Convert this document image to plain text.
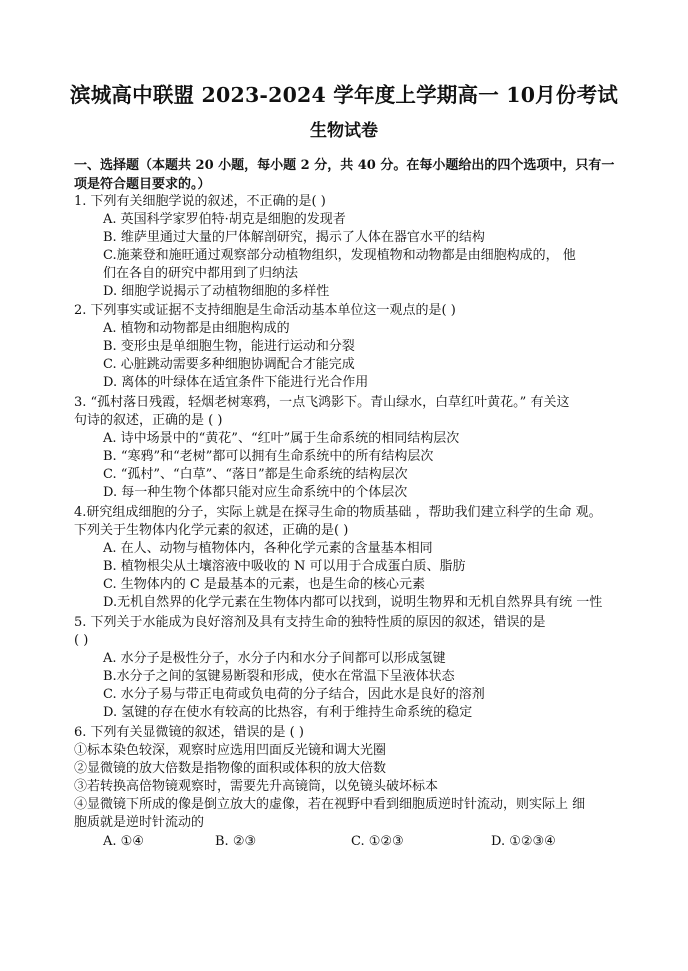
滨城高中联盟 2023-2024 学年度上学期高一 10月份考试
生物试卷
一、选择题（本题共 20 小题，每小题 2 分，共 40 分。在每小题给出的四个选项中，只有一项是符合题目要求的。）
1. 下列有关细胞学说的叙述，不正确的是( )
A. 英国科学家罗伯特·胡克是细胞的发现者
B. 维萨里通过大量的尸体解剖研究，揭示了人体在器官水平的结构
C.施莱登和施旺通过观察部分动植物组织，发现植物和动物都是由细胞构成的， 他
们在各自的研究中都用到了归纳法
D. 细胞学说揭示了动植物细胞的多样性
2. 下列事实或证据不支持细胞是生命活动基本单位这一观点的是( )
A. 植物和动物都是由细胞构成的
B. 变形虫是单细胞生物，能进行运动和分裂
C. 心脏跳动需要多种细胞协调配合才能完成
D. 离体的叶绿体在适宜条件下能进行光合作用
3. “孤村落日残霞，轻烟老树寒鸦，一点飞鸿影下。青山绿水，白草红叶黄花。” 有关这
句诗的叙述，正确的是 ( )
A. 诗中场景中的“黄花”、“红叶”属于生命系统的相同结构层次
B. “寒鸦”和“老树”都可以拥有生命系统中的所有结构层次
C. “孤村”、“白草”、“落日”都是生命系统的结构层次
D. 每一种生物个体都只能对应生命系统中的个体层次
4.研究组成细胞的分子，实际上就是在探寻生命的物质基础 ，帮助我们建立科学的生命 观。
下列关于生物体内化学元素的叙述，正确的是( )
A. 在人、动物与植物体内，各种化学元素的含量基本相同
B. 植物根尖从土壤溶液中吸收的 N 可以用于合成蛋白质、脂肪
C. 生物体内的 C 是最基本的元素，也是生命的核心元素
D.无机自然界的化学元素在生物体内都可以找到，说明生物界和无机自然界具有统 一性
5. 下列关于水能成为良好溶剂及具有支持生命的独特性质的原因的叙述，错误的是
( )
A. 水分子是极性分子，水分子内和水分子间都可以形成氢键
B.水分子之间的氢键易断裂和形成，使水在常温下呈液体状态
C. 水分子易与带正电荷或负电荷的分子结合，因此水是良好的溶剂
D. 氢键的存在使水有较高的比热容，有利于维持生命系统的稳定
6. 下列有关显微镜的叙述，错误的是 ( )
①标本染色较深，观察时应选用凹面反光镜和调大光圈
②显微镜的放大倍数是指物像的面积或体积的放大倍数
③若转换高倍物镜观察时，需要先升高镜筒，以免镜头破坏标本
④显微镜下所成的像是倒立放大的虚像，若在视野中看到细胞质逆时针流动，则实际上 细
胞质就是逆时针流动的
A. ①④	B. ②③	C. ①②③	D. ①②③④
